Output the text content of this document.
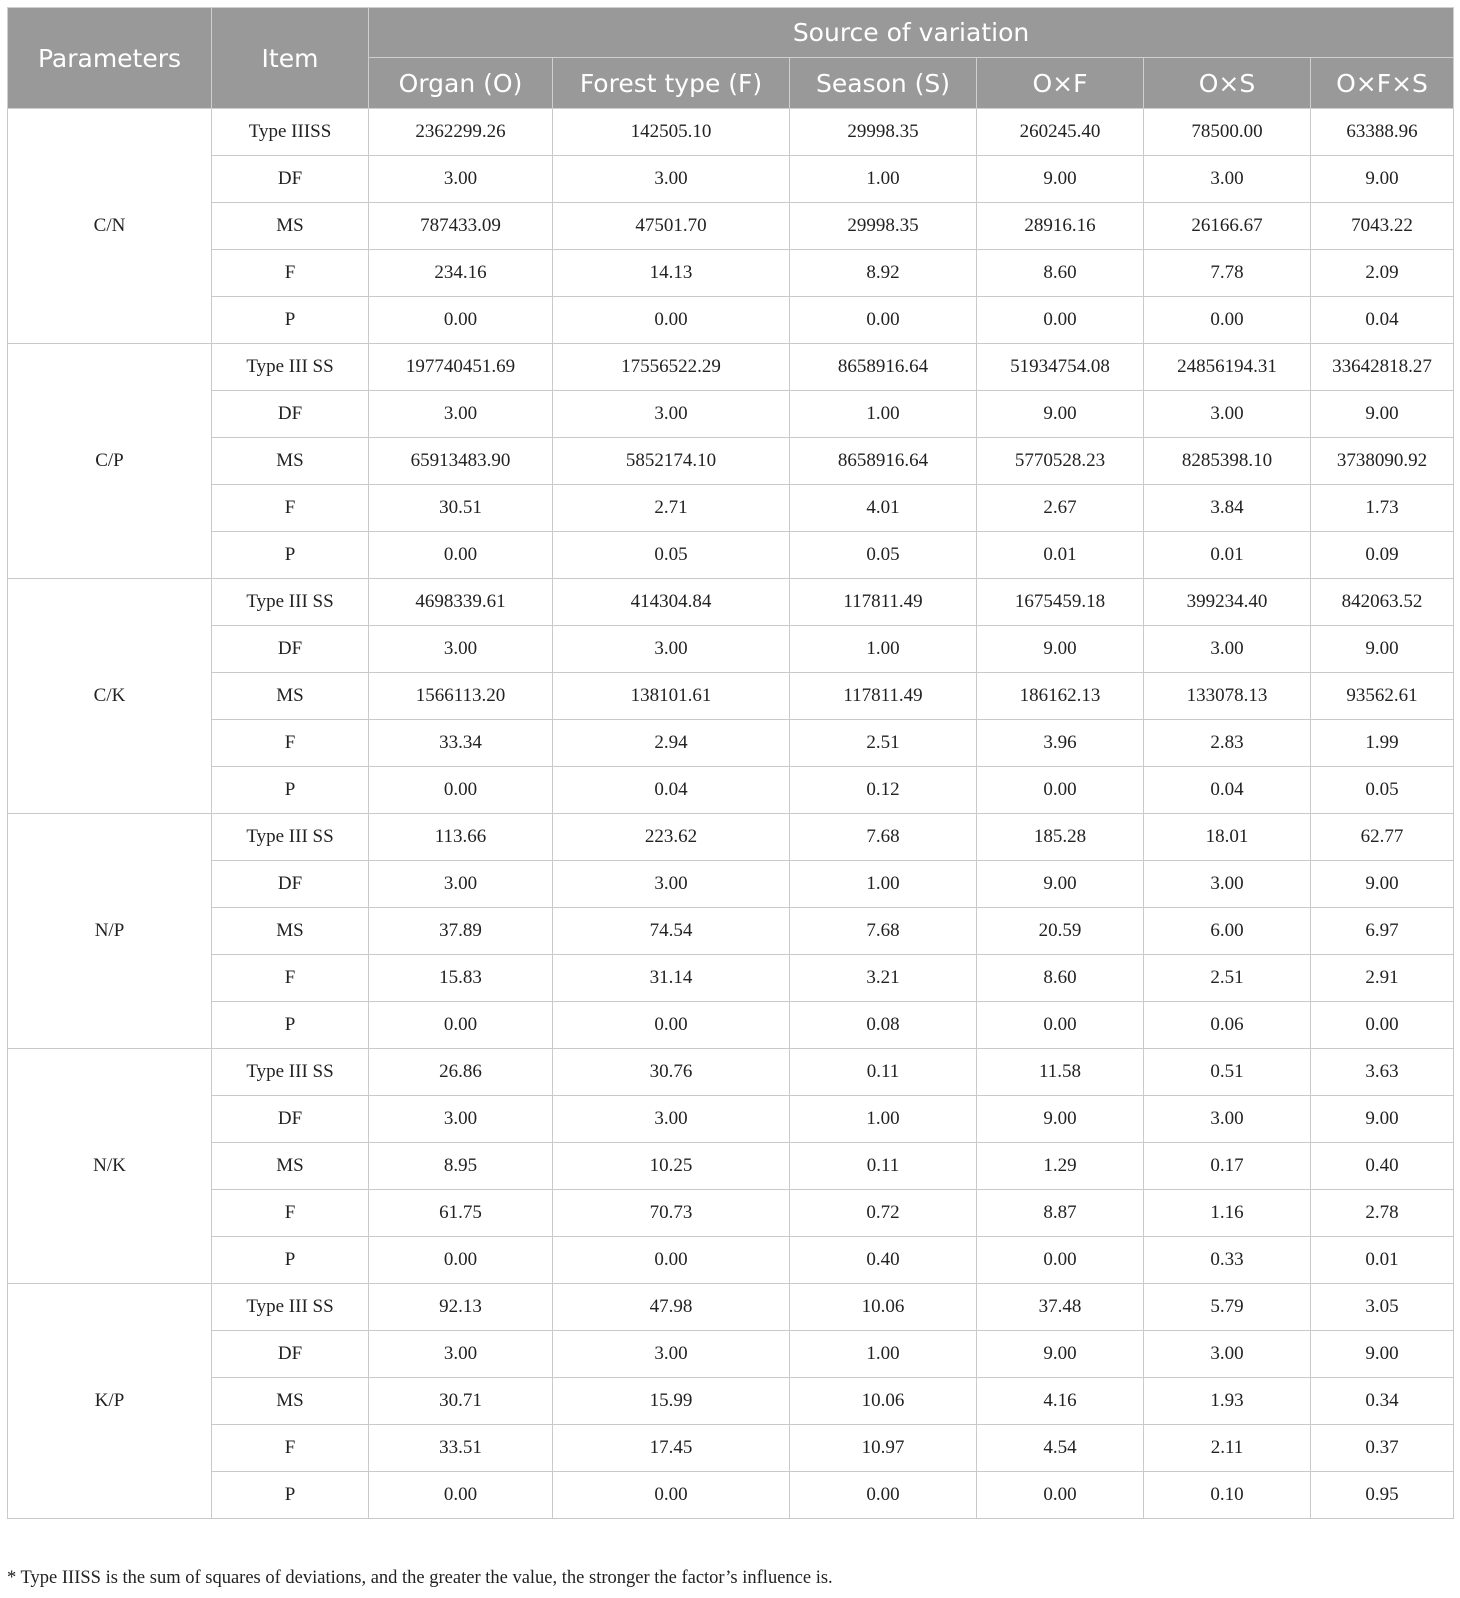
Parameters	Item	Source of variation					
		Organ (O)	Forest type (F)	Season (S)	O×F	O×S	O×F×S
C/N	Type IIISS	2362299.26	142505.10	29998.35	260245.40	78500.00	63388.96
	DF	3.00	3.00	1.00	9.00	3.00	9.00
	MS	787433.09	47501.70	29998.35	28916.16	26166.67	7043.22
	F	234.16	14.13	8.92	8.60	7.78	2.09
	P	0.00	0.00	0.00	0.00	0.00	0.04
C/P	Type III SS	197740451.69	17556522.29	8658916.64	51934754.08	24856194.31	33642818.27
	DF	3.00	3.00	1.00	9.00	3.00	9.00
	MS	65913483.90	5852174.10	8658916.64	5770528.23	8285398.10	3738090.92
	F	30.51	2.71	4.01	2.67	3.84	1.73
	P	0.00	0.05	0.05	0.01	0.01	0.09
C/K	Type III SS	4698339.61	414304.84	117811.49	1675459.18	399234.40	842063.52
	DF	3.00	3.00	1.00	9.00	3.00	9.00
	MS	1566113.20	138101.61	117811.49	186162.13	133078.13	93562.61
	F	33.34	2.94	2.51	3.96	2.83	1.99
	P	0.00	0.04	0.12	0.00	0.04	0.05
N/P	Type III SS	113.66	223.62	7.68	185.28	18.01	62.77
	DF	3.00	3.00	1.00	9.00	3.00	9.00
	MS	37.89	74.54	7.68	20.59	6.00	6.97
	F	15.83	31.14	3.21	8.60	2.51	2.91
	P	0.00	0.00	0.08	0.00	0.06	0.00
N/K	Type III SS	26.86	30.76	0.11	11.58	0.51	3.63
	DF	3.00	3.00	1.00	9.00	3.00	9.00
	MS	8.95	10.25	0.11	1.29	0.17	0.40
	F	61.75	70.73	0.72	8.87	1.16	2.78
	P	0.00	0.00	0.40	0.00	0.33	0.01
K/P	Type III SS	92.13	47.98	10.06	37.48	5.79	3.05
	DF	3.00	3.00	1.00	9.00	3.00	9.00
	MS	30.71	15.99	10.06	4.16	1.93	0.34
	F	33.51	17.45	10.97	4.54	2.11	0.37
	P	0.00	0.00	0.00	0.00	0.10	0.95
* Type IIISS is the sum of squares of deviations, and the greater the value, the stronger the factor’s influence is.
